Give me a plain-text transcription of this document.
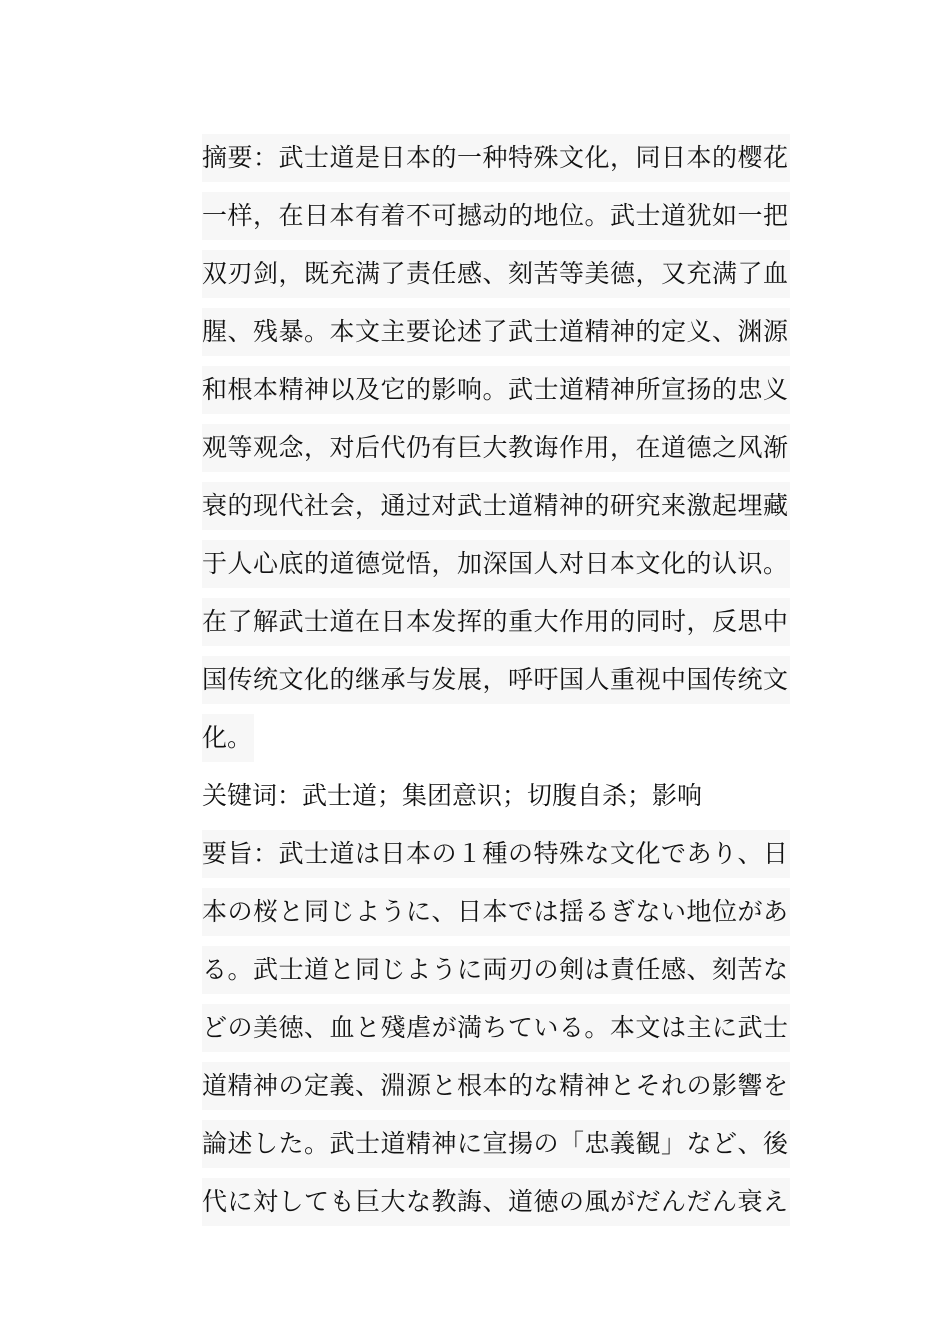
摘要：武士道是日本的一种特殊文化，同日本的樱花
一样，在日本有着不可撼动的地位。武士道犹如一把
双刃剑，既充满了责任感、刻苦等美德，又充满了血
腥、残暴。本文主要论述了武士道精神的定义、渊源
和根本精神以及它的影响。武士道精神所宣扬的忠义
观等观念，对后代仍有巨大教诲作用，在道德之风渐
衰的现代社会，通过对武士道精神的研究来激起埋藏
于人心底的道德觉悟，加深国人对日本文化的认识。
在了解武士道在日本发挥的重大作用的同时，反思中
国传统文化的继承与发展，呼吁国人重视中国传统文
化。
关键词：武士道；集团意识；切腹自杀；影响
要旨：武士道は日本の１種の特殊な文化であり、日
本の桜と同じように、日本では揺るぎない地位があ
る。武士道と同じように両刃の剣は責任感、刻苦な
どの美徳、血と殘虐が満ちている。本文は主に武士
道精神の定義、淵源と根本的な精神とそれの影響を
論述した。武士道精神に宣揚の「忠義観」など、後
代に対しても巨大な教誨、道徳の風がだんだん衰え
